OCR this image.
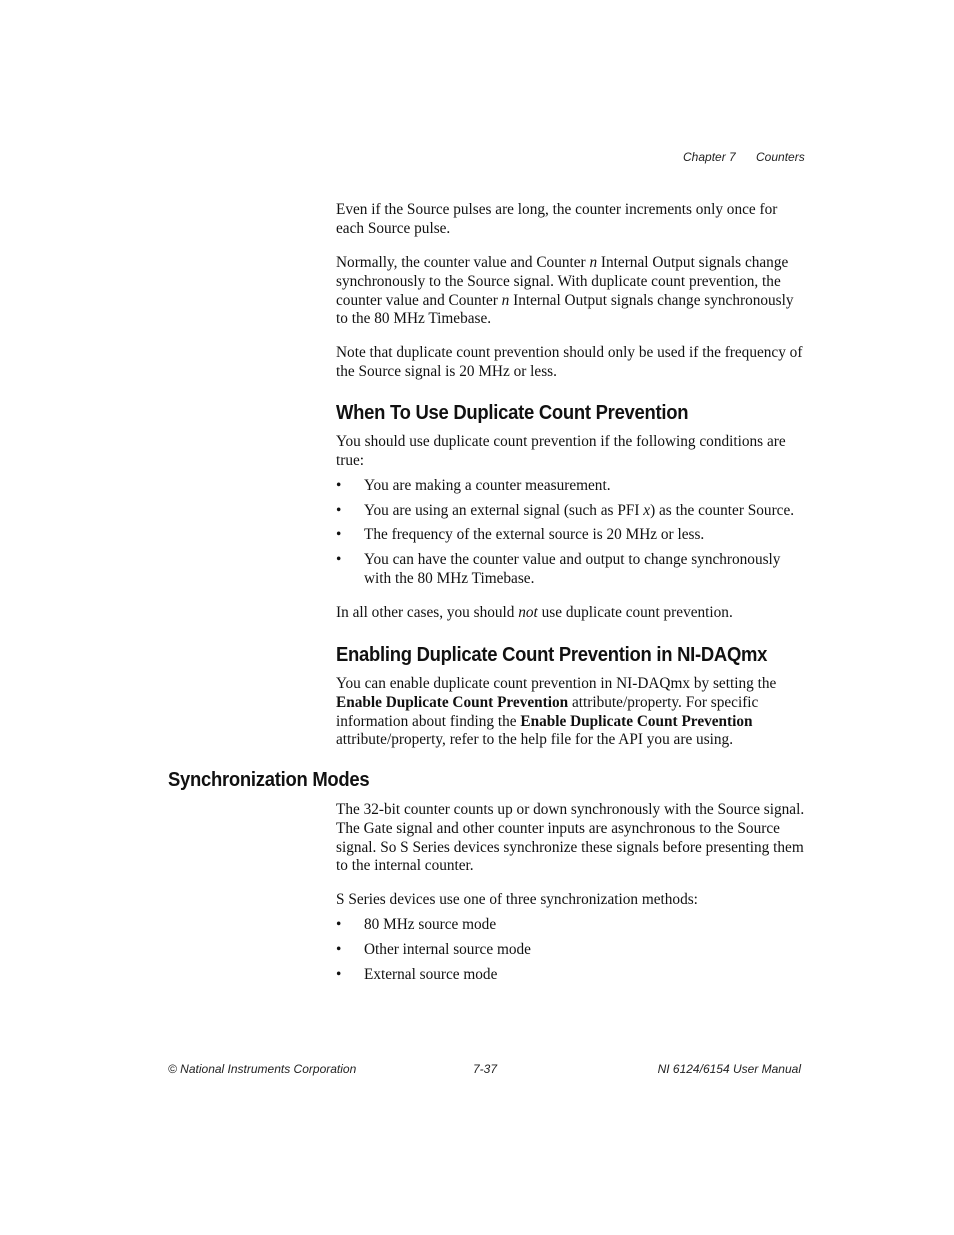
Chapter 7 Counters
Even if the Source pulses are long, the counter increments only once for each Source pulse.
Normally, the counter value and Counter n Internal Output signals change synchronously to the Source signal. With duplicate count prevention, the counter value and Counter n Internal Output signals change synchronously to the 80 MHz Timebase.
Note that duplicate count prevention should only be used if the frequency of the Source signal is 20 MHz or less.
When To Use Duplicate Count Prevention
You should use duplicate count prevention if the following conditions are true:
• You are making a counter measurement.
• You are using an external signal (such as PFI x) as the counter Source.
• The frequency of the external source is 20 MHz or less.
• You can have the counter value and output to change synchronously with the 80 MHz Timebase.
In all other cases, you should not use duplicate count prevention.
Enabling Duplicate Count Prevention in NI-DAQmx
You can enable duplicate count prevention in NI-DAQmx by setting the Enable Duplicate Count Prevention attribute/property. For specific information about finding the Enable Duplicate Count Prevention attribute/property, refer to the help file for the API you are using.
Synchronization Modes
The 32-bit counter counts up or down synchronously with the Source signal. The Gate signal and other counter inputs are asynchronous to the Source signal. So S Series devices synchronize these signals before presenting them to the internal counter.
S Series devices use one of three synchronization methods:
• 80 MHz source mode
• Other internal source mode
• External source mode
© National Instruments Corporation	7-37	NI 6124/6154 User Manual
